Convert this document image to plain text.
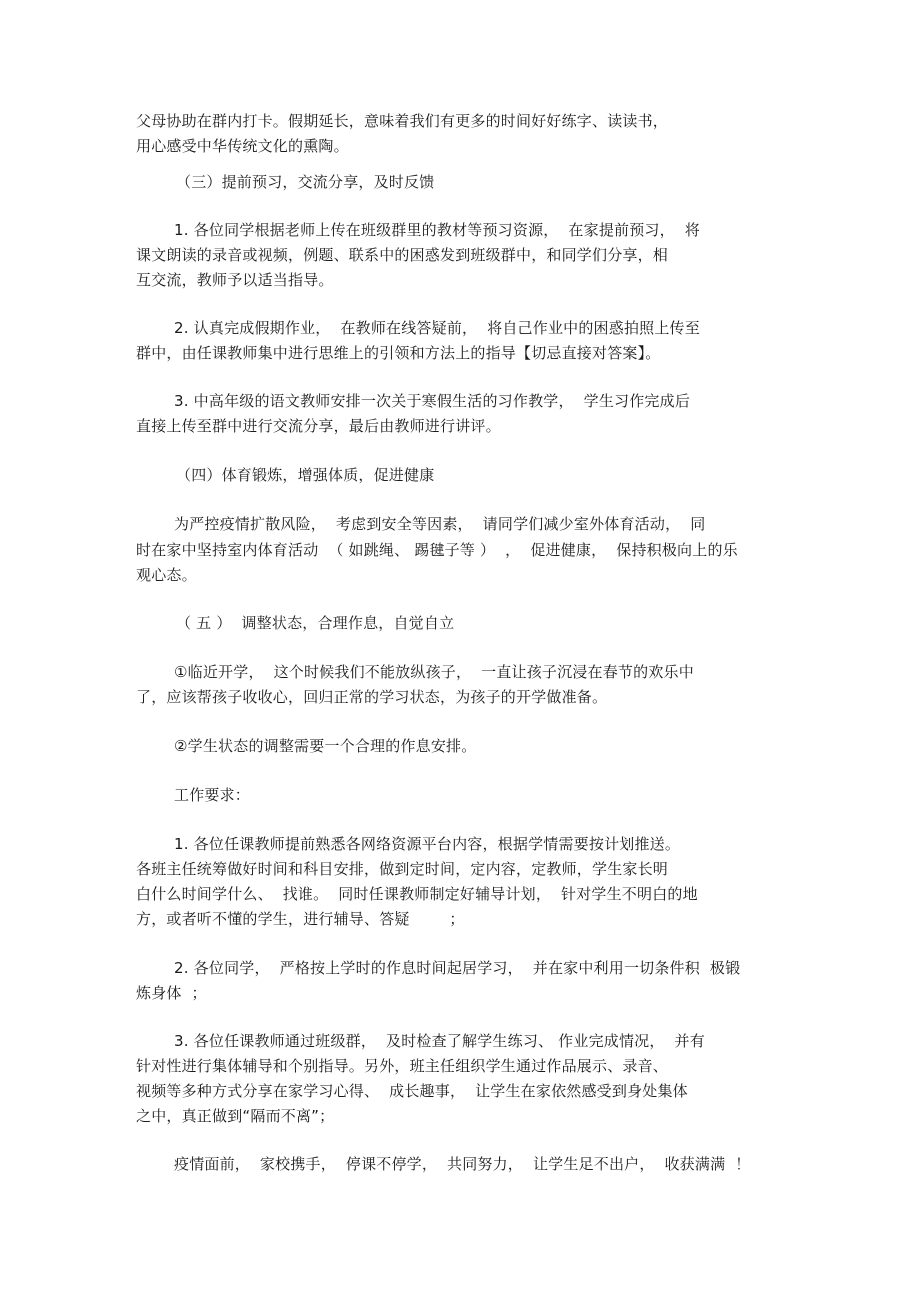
父母协助在群内打卡。假期延长，意味着我们有更多的时间好好练字、读读书，
用心感受中华传统文化的熏陶。
（三）提前预习，交流分享，及时反馈
1. 各位同学根据老师上传在班级群里的教材等预习资源，  在家提前预习，  将
课文朗读的录音或视频，例题、联系中的困惑发到班级群中，和同学们分享，相
互交流，教师予以适当指导。
2. 认真完成假期作业，  在教师在线答疑前，  将自己作业中的困惑拍照上传至
群中，由任课教师集中进行思维上的引领和方法上的指导【切忌直接对答案】。
3. 中高年级的语文教师安排一次关于寒假生活的习作教学，  学生习作完成后
直接上传至群中进行交流分享，最后由教师进行讲评。
（四）体育锻炼，增强体质，促进健康
为严控疫情扩散风险，  考虑到安全等因素，  请同学们减少室外体育活动，  同
时在家中坚持室内体育活动  （ 如跳绳、 踢毽子等 ）  ，  促进健康，  保持积极向上的乐
观心态。
（ 五 ）  调整状态，合理作息，自觉自立
①临近开学，  这个时候我们不能放纵孩子，  一直让孩子沉浸在春节的欢乐中
了，应该帮孩子收收心，回归正常的学习状态，为孩子的开学做准备。
②学生状态的调整需要一个合理的作息安排。
工作要求：
1. 各位任课教师提前熟悉各网络资源平台内容，根据学情需要按计划推送。
各班主任统筹做好时间和科目安排，做到定时间，定内容，定教师，学生家长明
白什么时间学什么、  找谁。  同时任课教师制定好辅导计划，  针对学生不明白的地
方，或者听不懂的学生，进行辅导、答疑        ；
2. 各位同学，  严格按上学时的作息时间起居学习，  并在家中利用一切条件积  极锻
炼身体  ；
3. 各位任课教师通过班级群，  及时检查了解学生练习、 作业完成情况，  并有
针对性进行集体辅导和个别指导。另外，班主任组织学生通过作品展示、录音、
视频等多种方式分享在家学习心得、  成长趣事，  让学生在家依然感受到身处集体
之中，真正做到“隔而不离”；
疫情面前，  家校携手，  停课不停学，  共同努力，  让学生足不出户，  收获满满  ！
